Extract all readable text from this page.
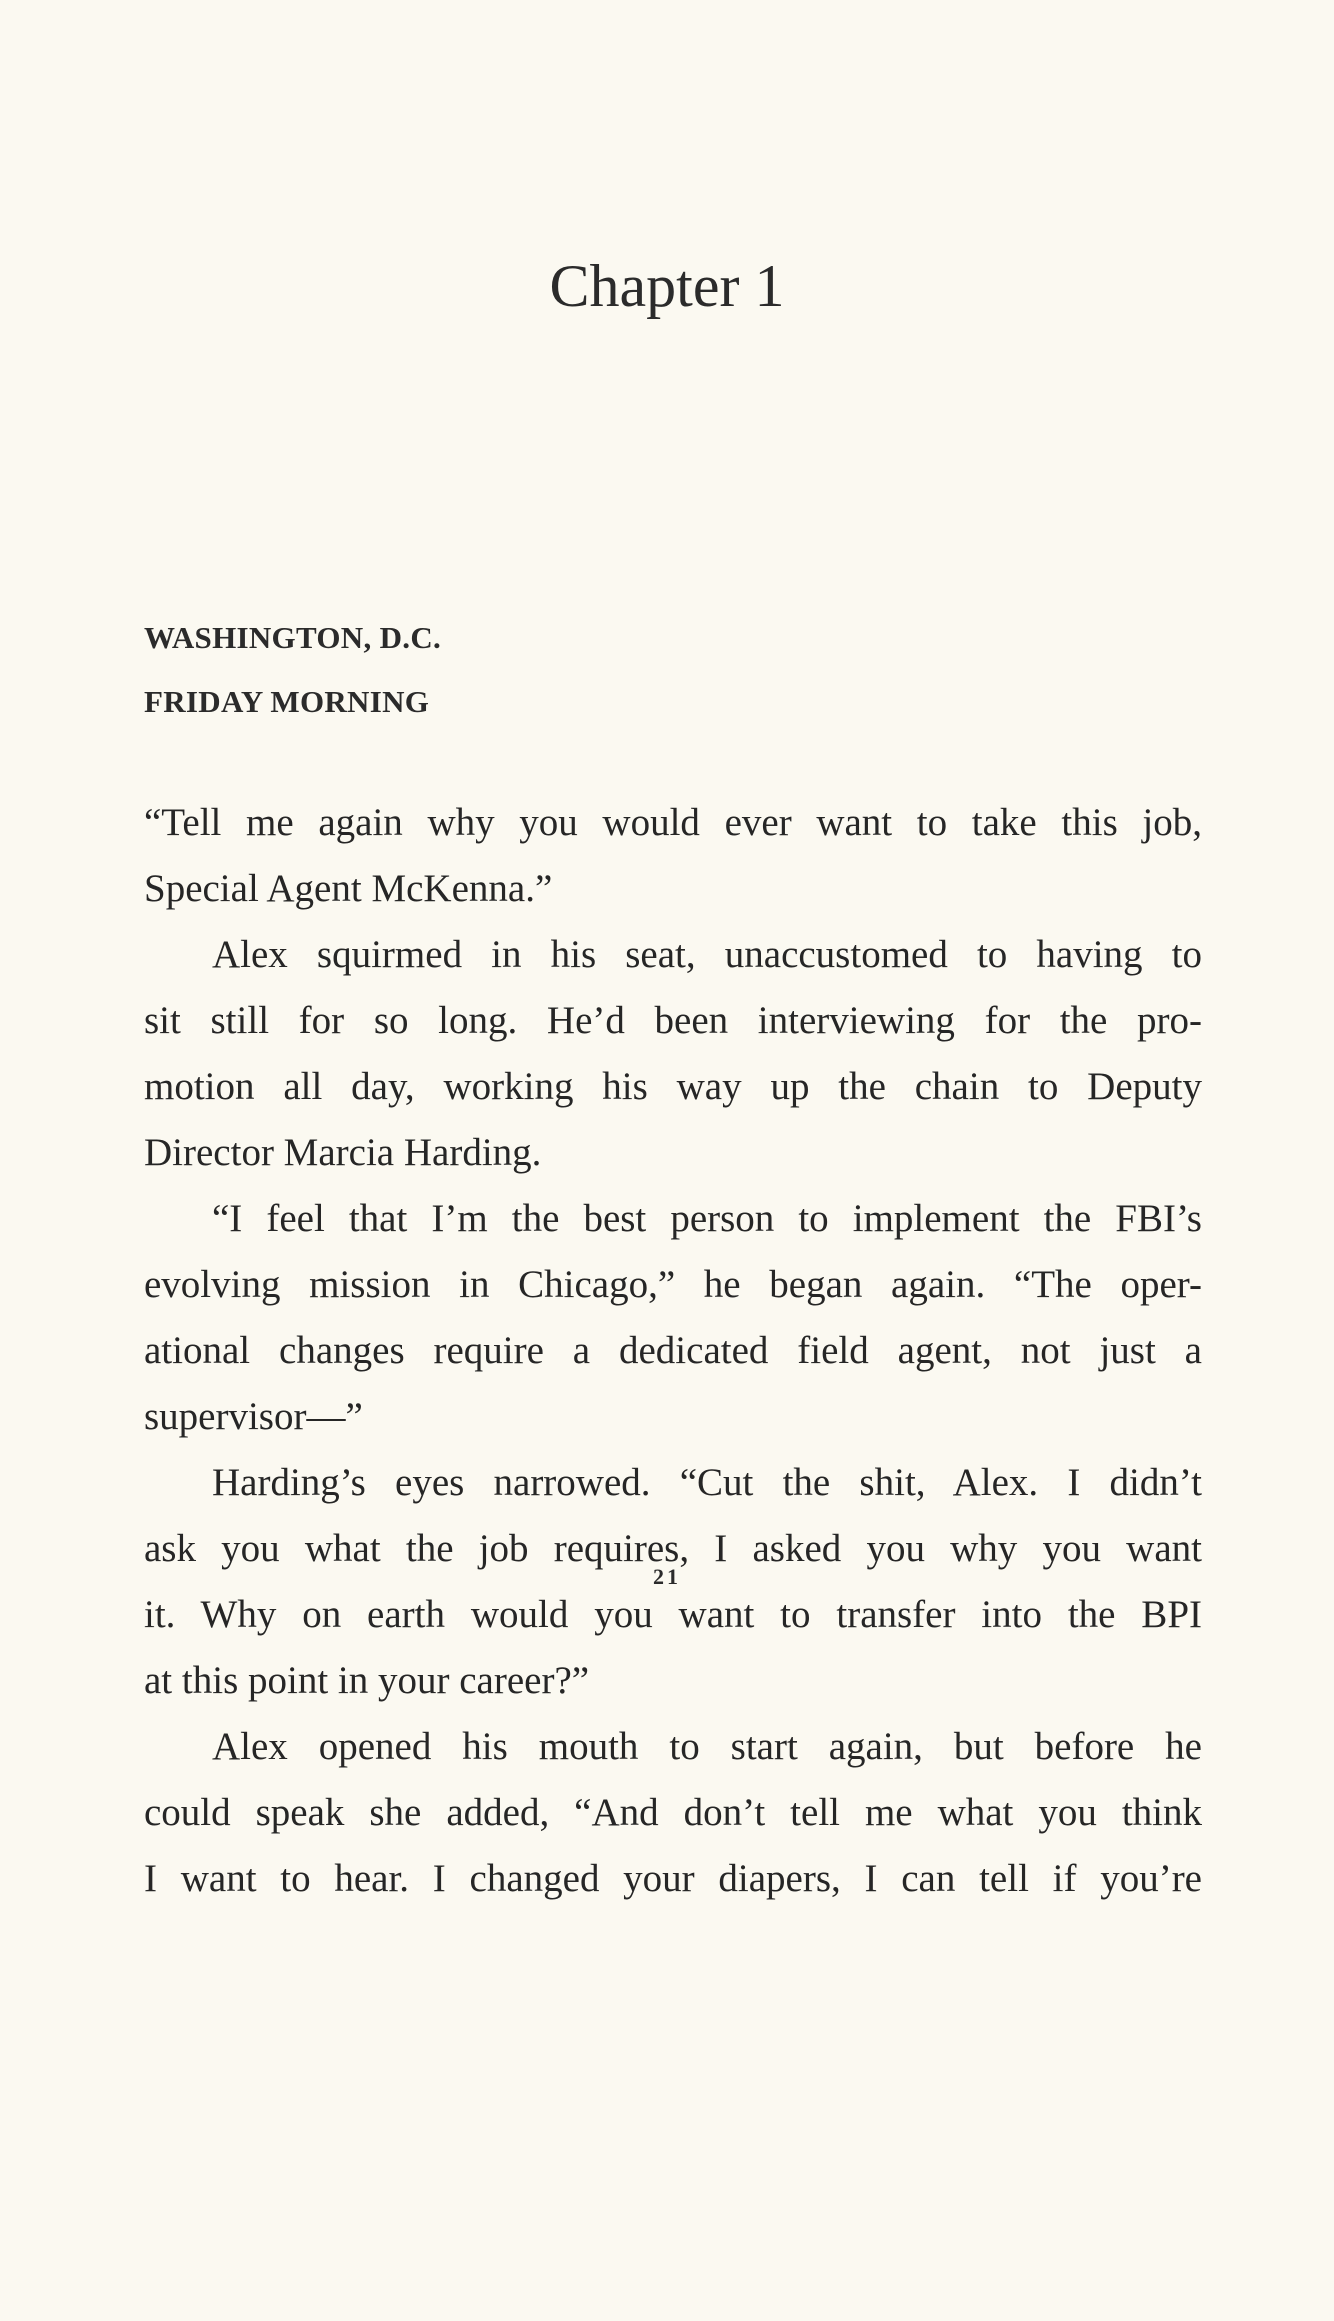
Chapter 1
WASHINGTON, D.C.
FRIDAY MORNING
“Tell me again why you would ever want to take this job,
Special Agent McKenna.”
Alex squirmed in his seat, unaccustomed to having to
sit still for so long. He’d been interviewing for the pro-
motion all day, working his way up the chain to Deputy
Director Marcia Harding.
“I feel that I’m the best person to implement the FBI’s
evolving mission in Chicago,” he began again. “The oper-
ational changes require a dedicated field agent, not just a
supervisor—”
Harding’s eyes narrowed. “Cut the shit, Alex. I didn’t
ask you what the job requires, I asked you why you want
it. Why on earth would you want to transfer into the BPI
at this point in your career?”
Alex opened his mouth to start again, but before he
could speak she added, “And don’t tell me what you think
I want to hear. I changed your diapers, I can tell if you’re
21
